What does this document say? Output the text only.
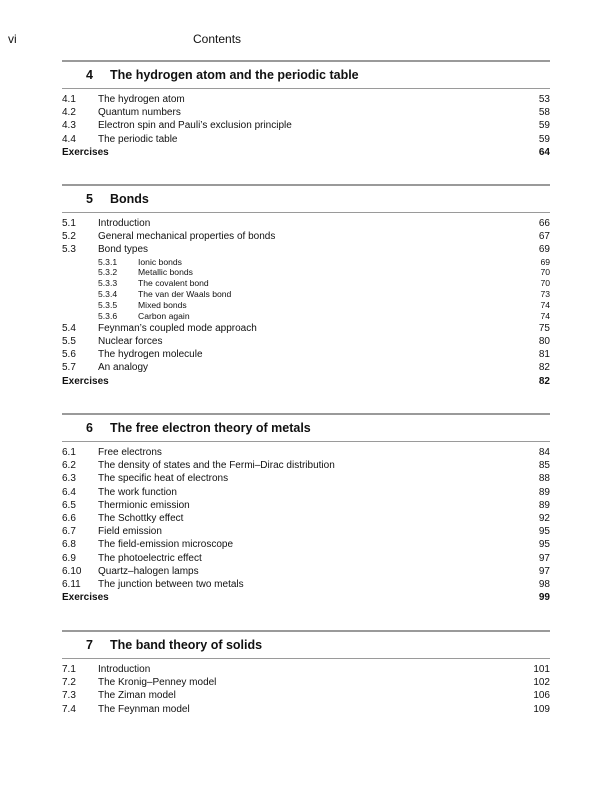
vi	Contents
4 The hydrogen atom and the periodic table
4.1	The hydrogen atom	53
4.2	Quantum numbers	58
4.3	Electron spin and Pauli’s exclusion principle	59
4.4	The periodic table	59
Exercises	64
5 Bonds
5.1	Introduction	66
5.2	General mechanical properties of bonds	67
5.3	Bond types	69
5.3.1	Ionic bonds	69
5.3.2	Metallic bonds	70
5.3.3	The covalent bond	70
5.3.4	The van der Waals bond	73
5.3.5	Mixed bonds	74
5.3.6	Carbon again	74
5.4	Feynman’s coupled mode approach	75
5.5	Nuclear forces	80
5.6	The hydrogen molecule	81
5.7	An analogy	82
Exercises	82
6 The free electron theory of metals
6.1	Free electrons	84
6.2	The density of states and the Fermi–Dirac distribution	85
6.3	The specific heat of electrons	88
6.4	The work function	89
6.5	Thermionic emission	89
6.6	The Schottky effect	92
6.7	Field emission	95
6.8	The field-emission microscope	95
6.9	The photoelectric effect	97
6.10	Quartz–halogen lamps	97
6.11	The junction between two metals	98
Exercises	99
7 The band theory of solids
7.1	Introduction	101
7.2	The Kronig–Penney model	102
7.3	The Ziman model	106
7.4	The Feynman model	109
